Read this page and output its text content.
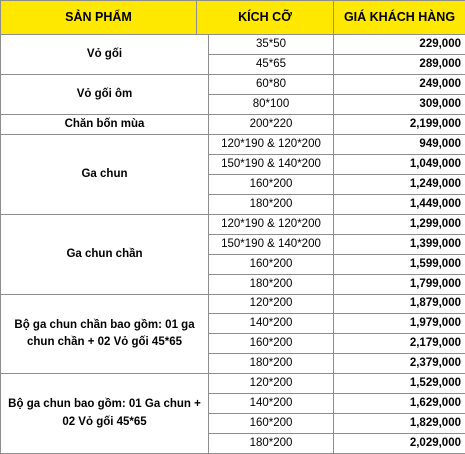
SẢN PHẨM	KÍCH CỠ		GIÁ KHÁCH HÀNG
Vỏ gối		35*50	229,000
		45*65	289,000
Vỏ gối ôm		60*80	249,000
		80*100	309,000
Chăn bốn mùa		200*220	2,199,000
Ga chun		120*190 & 120*200	949,000
		150*190 & 140*200	1,049,000
		160*200	1,249,000
		180*200	1,449,000
Ga chun chần		120*190 & 120*200	1,299,000
		150*190 & 140*200	1,399,000
		160*200	1,599,000
		180*200	1,799,000
Bộ ga chun chần bao gồm: 01 ga chun chần + 02 Vỏ gối 45*65		120*200	1,879,000
		140*200	1,979,000
		160*200	2,179,000
		180*200	2,379,000
Bộ ga chun bao gồm: 01 Ga chun + 02 Vỏ gối 45*65		120*200	1,529,000
		140*200	1,629,000
		160*200	1,829,000
		180*200	2,029,000
